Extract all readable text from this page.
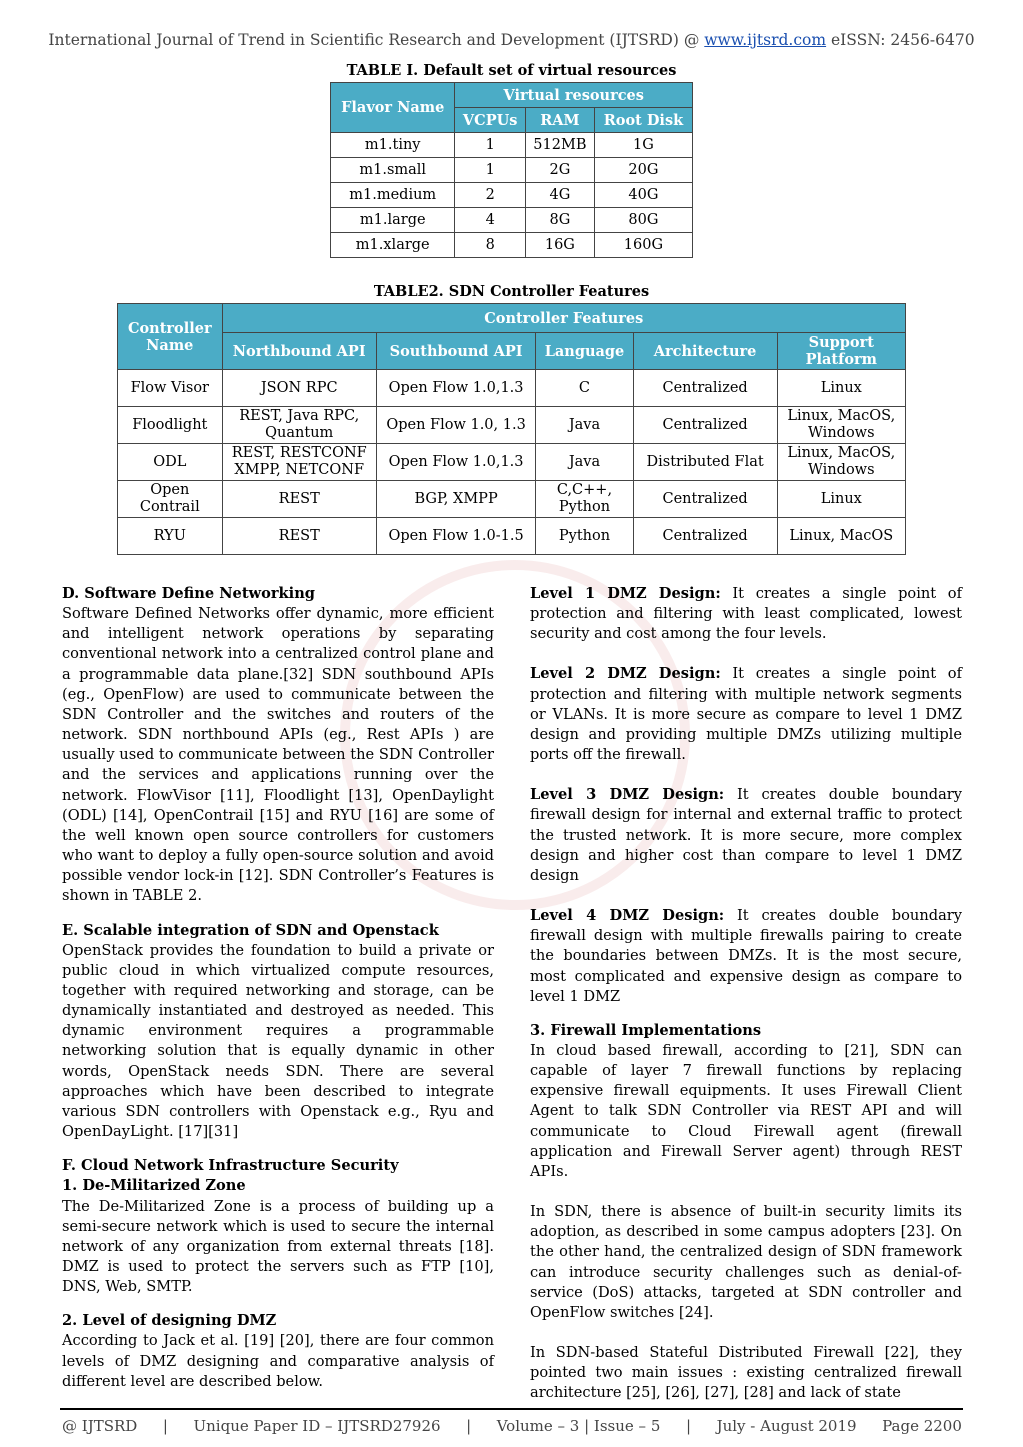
International Journal of Trend in Scientific Research and Development (IJTSRD) @ www.ijtsrd.com eISSN: 2456-6470
TABLE I. Default set of virtual resources
Flavor Name	Virtual resources		
	VCPUs	RAM	Root Disk
m1.tiny	1	512MB	1G
m1.small	1	2G	20G
m1.medium	2	4G	40G
m1.large	4	8G	80G
m1.xlarge	8	16G	160G
TABLE2. SDN Controller Features
Controller Name	Controller Features				
	Northbound API	Southbound API	Language	Architecture	Support Platform
Flow Visor	JSON RPC	Open Flow 1.0,1.3	C	Centralized	Linux
Floodlight	REST, Java RPC, Quantum	Open Flow 1.0, 1.3	Java	Centralized	Linux, MacOS, Windows
ODL	REST, RESTCONF XMPP, NETCONF	Open Flow 1.0,1.3	Java	Distributed Flat	Linux, MacOS, Windows
Open Contrail	REST	BGP, XMPP	C,C++, Python	Centralized	Linux
RYU	REST	Open Flow 1.0-1.5	Python	Centralized	Linux, MacOS

D. Software Define Networking

Software Defined Networks offer dynamic, more efficient and intelligent network operations by separating conventional network into a centralized control plane and a programmable data plane.[32] SDN southbound APIs (eg., OpenFlow) are used to communicate between the SDN Controller and the switches and routers of the network. SDN northbound APIs (eg., Rest APIs ) are usually used to communicate between the SDN Controller and the services and applications running over the network. FlowVisor [11], Floodlight [13], OpenDaylight (ODL) [14], OpenContrail [15] and RYU [16] are some of the well known open source controllers for customers who want to deploy a fully open-source solution and avoid possible vendor lock-in [12]. SDN Controller’s Features is shown in TABLE 2.

E. Scalable integration of SDN and Openstack

OpenStack provides the foundation to build a private or public cloud in which virtualized compute resources, together with required networking and storage, can be dynamically instantiated and destroyed as needed. This dynamic environment requires a programmable networking solution that is equally dynamic in other words, OpenStack needs SDN. There are several approaches which have been described to integrate various SDN controllers with Openstack e.g., Ryu and OpenDayLight. [17][31]

F. Cloud Network Infrastructure Security

1. De-Militarized Zone

The De-Militarized Zone is a process of building up a semi-secure network which is used to secure the internal network of any organization from external threats [18]. DMZ is used to protect the servers such as FTP [10], DNS, Web, SMTP.

2. Level of designing DMZ

According to Jack et al. [19] [20], there are four common levels of DMZ designing and comparative analysis of different level are described below.

Level 1 DMZ Design: It creates a single point of protection and filtering with least complicated, lowest security and cost among the four levels.

Level 2 DMZ Design: It creates a single point of protection and filtering with multiple network segments or VLANs. It is more secure as compare to level 1 DMZ design and providing multiple DMZs utilizing multiple ports off the firewall.

Level 3 DMZ Design: It creates double boundary firewall design for internal and external traffic to protect the trusted network. It is more secure, more complex design and higher cost than compare to level 1 DMZ design

Level 4 DMZ Design: It creates double boundary firewall design with multiple firewalls pairing to create the boundaries between DMZs. It is the most secure, most complicated and expensive design as compare to level 1 DMZ

3. Firewall Implementations

In cloud based firewall, according to [21], SDN can capable of layer 7 firewall functions by replacing expensive firewall equipments. It uses Firewall Client Agent to talk SDN Controller via REST API and will communicate to Cloud Firewall agent (firewall application and Firewall Server agent) through REST APIs.

In SDN, there is absence of built-in security limits its adoption, as described in some campus adopters [23]. On the other hand, the centralized design of SDN framework can introduce security challenges such as denial-of-service (DoS) attacks, targeted at SDN controller and OpenFlow switches [24].

In SDN-based Stateful Distributed Firewall [22], they pointed two main issues : existing centralized firewall architecture [25], [26], [27], [28] and lack of state

@ IJTSRD | Unique Paper ID – IJTSRD27926 | Volume – 3 | Issue – 5 | July - August 2019 Page 2200
